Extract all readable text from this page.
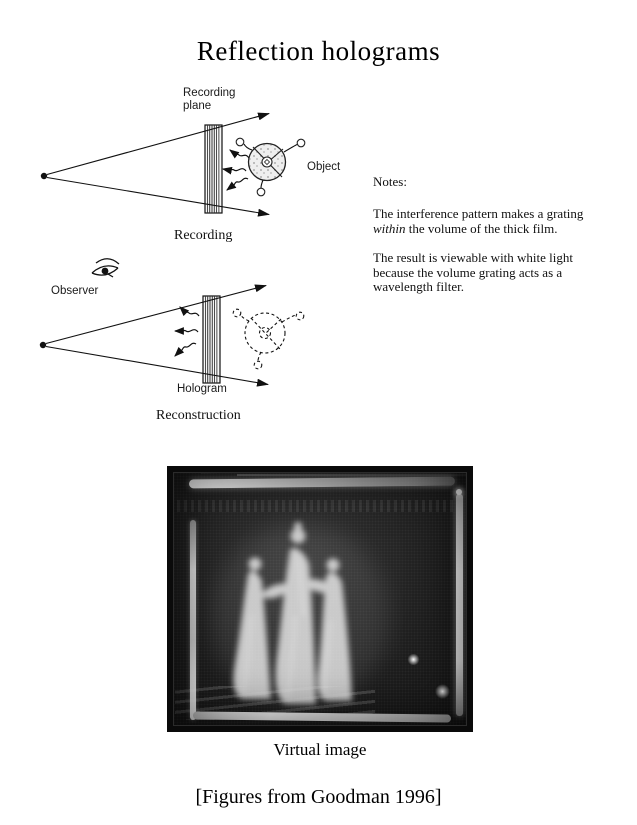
Reflection holograms
Recording
plane
Object
Recording
Notes:
The interference pattern makes a grating
within the volume of the thick film.
The result is viewable with white light
because the volume grating acts as a
wavelength filter.
Observer
Hologram
Reconstruction
Virtual image
[Figures from Goodman 1996]
